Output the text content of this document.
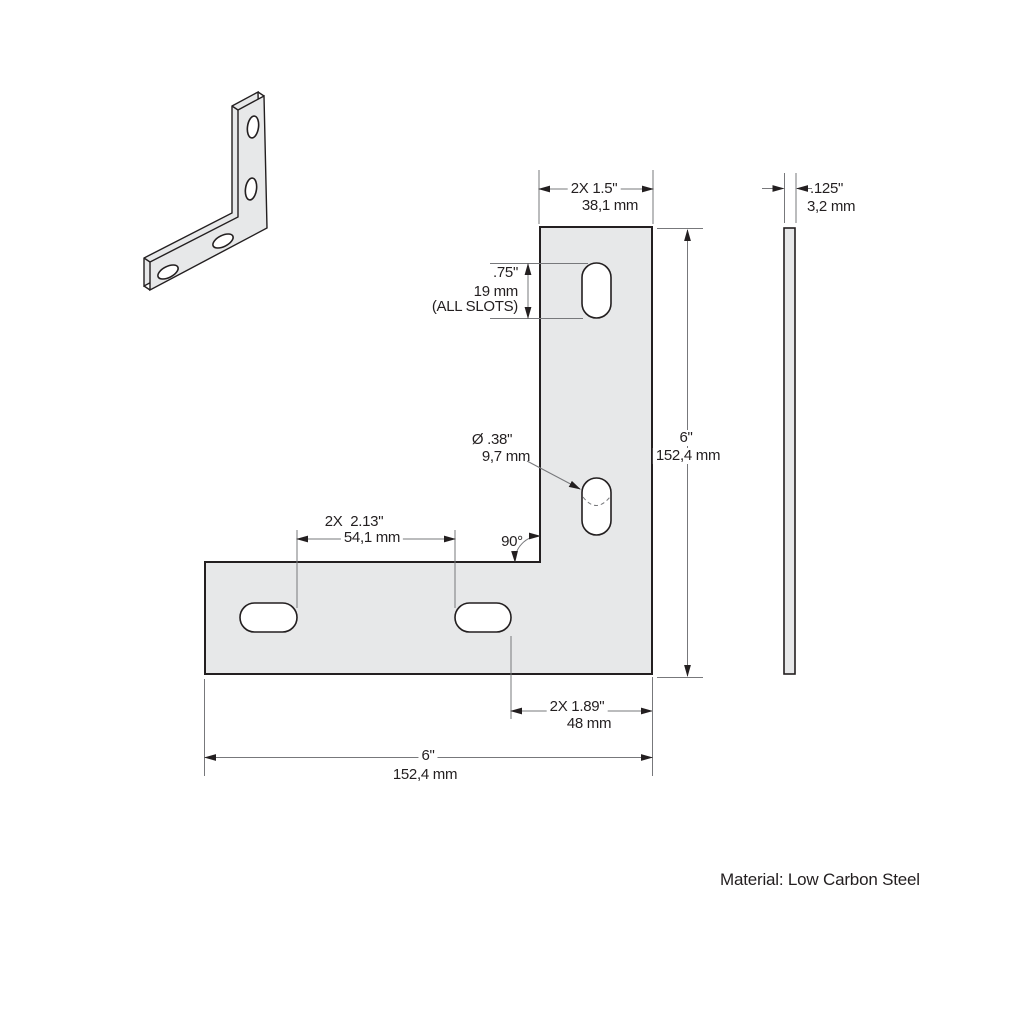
2X 1.5"
38,1 mm
.125"
3,2 mm
.75"
19 mm
(ALL SLOTS)
Ø .38"
9,7 mm
90°
6"
152,4 mm
2X  2.13"
54,1 mm
2X 1.89"
48 mm
6"
152,4 mm
Material: Low Carbon Steel
